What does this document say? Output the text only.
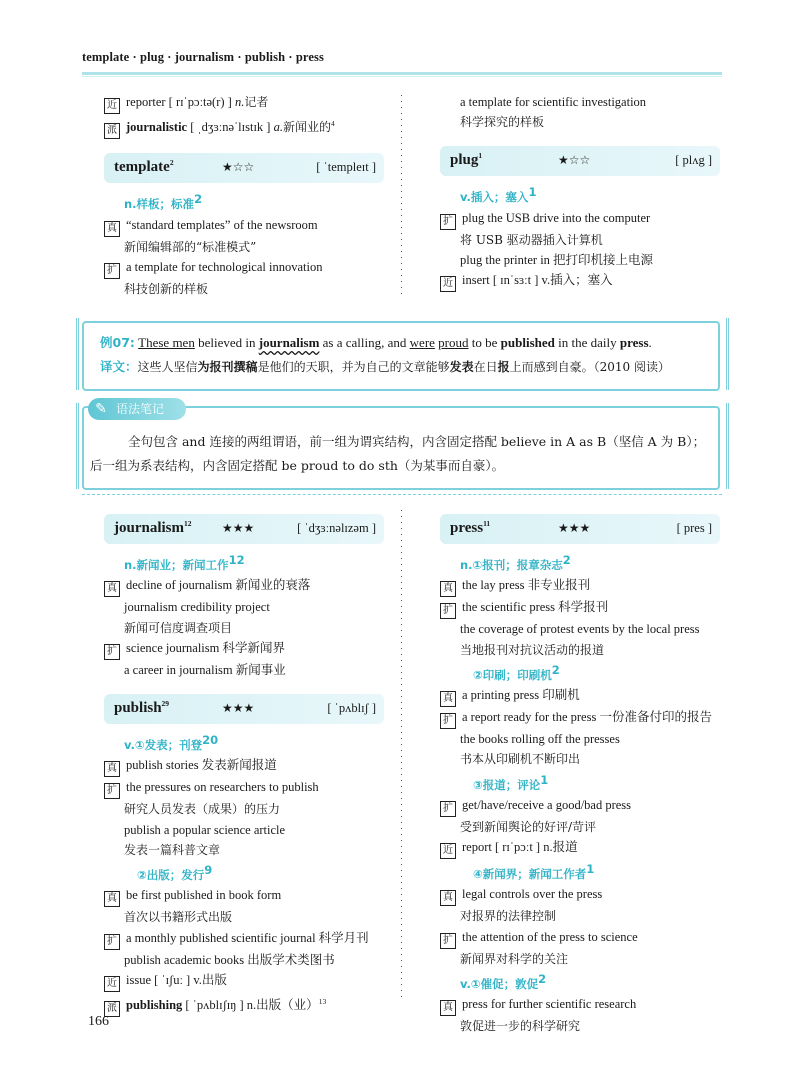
template · plug · journalism · publish · press
近 reporter [ rɪˈpɔːtə(r) ] n.记者
派 journalistic [ ˌdʒɜːnəˈlɪstɪk ] a.新闻业的$^4$
template$^2$	★☆☆	[ ˈtempleɪt ]
n.样板；标准$^2$
真 “standard templates” of the newsroom
新闻编辑部的“标准模式”
扩 a template for technological innovation
科技创新的样板
a template for scientific investigation
科学探究的样板
plug$^1$	★☆☆	[ plʌg ]
v.插入；塞入$^1$
扩 plug the USB drive into the computer
将 USB 驱动器插入计算机
plug the printer in 把打印机接上电源
近 insert [ ɪnˈsɜːt ] v.插入；塞入
例07: These men believed in journalism as a calling, and were proud to be published in the daily press.
译文：这些人坚信为报刊撰稿是他们的天职，并为自己的文章能够发表在日报上而感到自豪。（2010 阅读）
语法笔记
✎
全句包含 and 连接的两组谓语，前一组为谓宾结构，内含固定搭配 believe in A as B（坚信 A 为 B）；
后一组为系表结构，内含固定搭配 be proud to do sth（为某事而自豪）。
journalism$^{12}$	★★★	[ ˈdʒɜːnəlɪzəm ]
n.新闻业；新闻工作$^{12}$
真 decline of journalism 新闻业的衰落
journalism credibility project
新闻可信度调查项目
扩 science journalism 科学新闻界
a career in journalism 新闻事业
publish$^{29}$	★★★	[ ˈpʌblɪʃ ]
v.①发表；刊登$^{20}$
真 publish stories 发表新闻报道
扩 the pressures on researchers to publish
研究人员发表（成果）的压力
publish a popular science article
发表一篇科普文章
②出版；发行$^9$
真 be first published in book form
首次以书籍形式出版
扩 a monthly published scientific journal 科学月刊
publish academic books 出版学术类图书
近 issue [ ˈɪʃuː ] v.出版
派 publishing [ ˈpʌblɪʃɪŋ ] n.出版（业）$^{13}$
press$^{11}$	★★★	[ pres ]
n.①报刊；报章杂志$^2$
真 the lay press 非专业报刊
扩 the scientific press 科学报刊
the coverage of protest events by the local press
当地报刊对抗议活动的报道
②印刷；印刷机$^2$
真 a printing press 印刷机
扩 a report ready for the press 一份准备付印的报告
the books rolling off the presses
书本从印刷机不断印出
③报道；评论$^1$
扩 get/have/receive a good/bad press
受到新闻舆论的好评/苛评
近 report [ rɪˈpɔːt ] n.报道
④新闻界；新闻工作者$^1$
真 legal controls over the press
对报界的法律控制
扩 the attention of the press to science
新闻界对科学的关注
v.①催促；敦促$^2$
真 press for further scientific research
敦促进一步的科学研究
166
